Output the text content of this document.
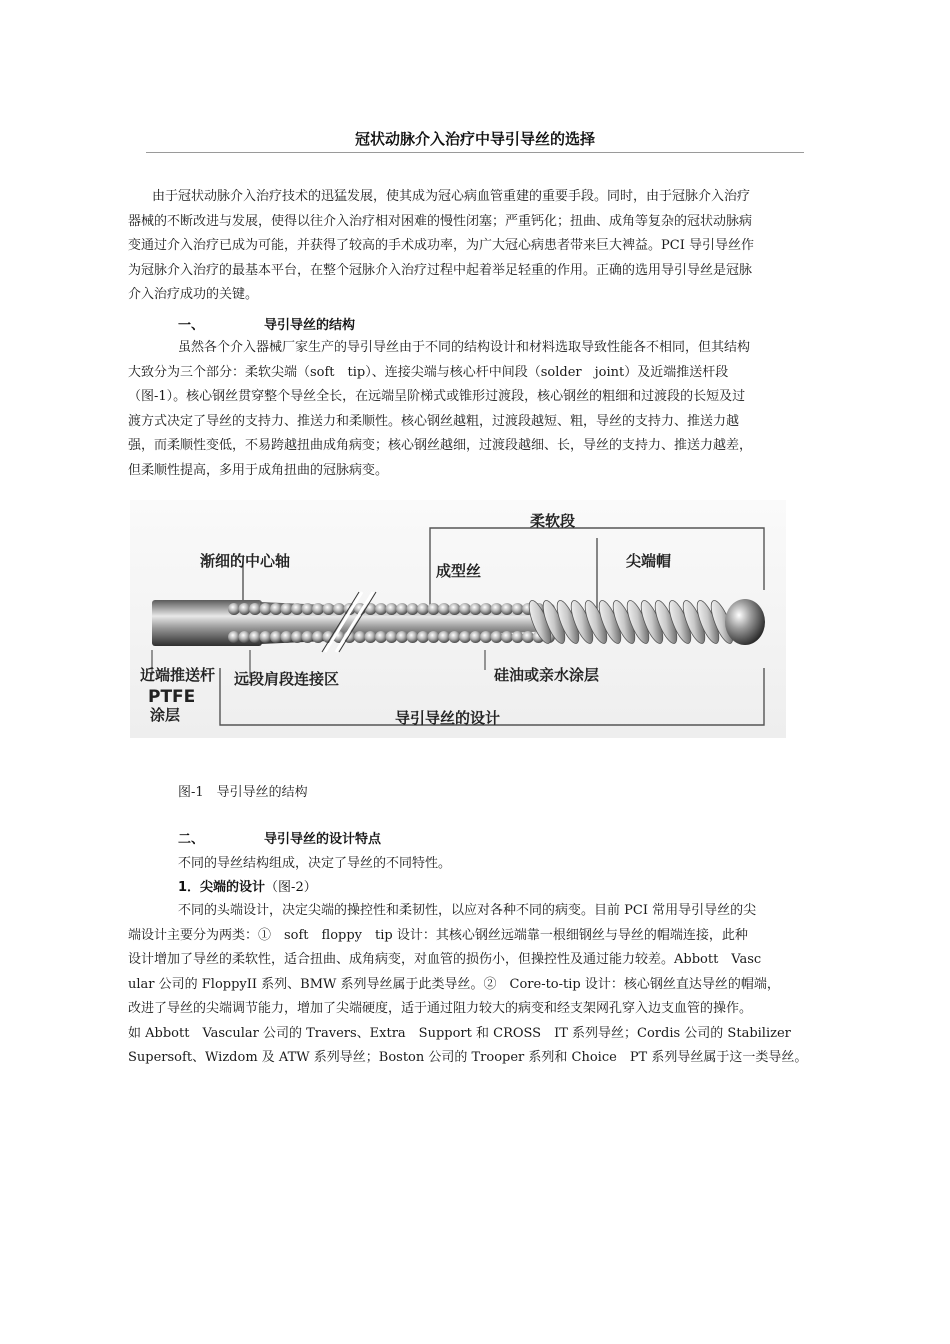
冠状动脉介入治疗中导引导丝的选择
由于冠状动脉介入治疗技术的迅猛发展，使其成为冠心病血管重建的重要手段。同时，由于冠脉介入治疗
器械的不断改进与发展，使得以往介入治疗相对困难的慢性闭塞；严重钙化；扭曲、成角等复杂的冠状动脉病
变通过介入治疗已成为可能，并获得了较高的手术成功率，为广大冠心病患者带来巨大裨益。PCI 导引导丝作
为冠脉介入治疗的最基本平台，在整个冠脉介入治疗过程中起着举足轻重的作用。正确的选用导引导丝是冠脉
介入治疗成功的关键。
一、	导引导丝的结构
虽然各个介入器械厂家生产的导引导丝由于不同的结构设计和材料选取导致性能各不相同，但其结构
大致分为三个部分：柔软尖端（soft　tip）、连接尖端与核心杆中间段（solder　joint）及近端推送杆段
（图-1）。核心钢丝贯穿整个导丝全长，在远端呈阶梯式或锥形过渡段，核心钢丝的粗细和过渡段的长短及过
渡方式决定了导丝的支持力、推送力和柔顺性。核心钢丝越粗，过渡段越短、粗，导丝的支持力、推送力越
强，而柔顺性变低，不易跨越扭曲成角病变；核心钢丝越细，过渡段越细、长，导丝的支持力、推送力越差，
但柔顺性提高，多用于成角扭曲的冠脉病变。
柔软段
渐细的中心轴
成型丝
尖端帽
近端推送杆 远段肩段连接区	硅油或亲水涂层
PTFE
涂层	导引导丝的设计
图-1　导引导丝的结构
二、	导引导丝的设计特点
不同的导丝结构组成，决定了导丝的不同特性。
1．尖端的设计（图-2）
不同的头端设计，决定尖端的操控性和柔韧性，以应对各种不同的病变。目前 PCI 常用导引导丝的尖
端设计主要分为两类：①　soft　floppy　tip 设计：其核心钢丝远端靠一根细钢丝与导丝的帽端连接，此种
设计增加了导丝的柔软性，适合扭曲、成角病变，对血管的损伤小，但操控性及通过能力较差。Abbott　Vasc
ular 公司的 FloppyII 系列、BMW 系列导丝属于此类导丝。②　Core-to-tip 设计：核心钢丝直达导丝的帽端，
改进了导丝的尖端调节能力，增加了尖端硬度，适于通过阻力较大的病变和经支架网孔穿入边支血管的操作。
如 Abbott　Vascular 公司的 Travers、Extra　Support 和 CROSS　IT 系列导丝；Cordis 公司的 Stabilizer
Supersoft、Wizdom 及 ATW 系列导丝；Boston 公司的 Trooper 系列和 Choice　PT 系列导丝属于这一类导丝。
